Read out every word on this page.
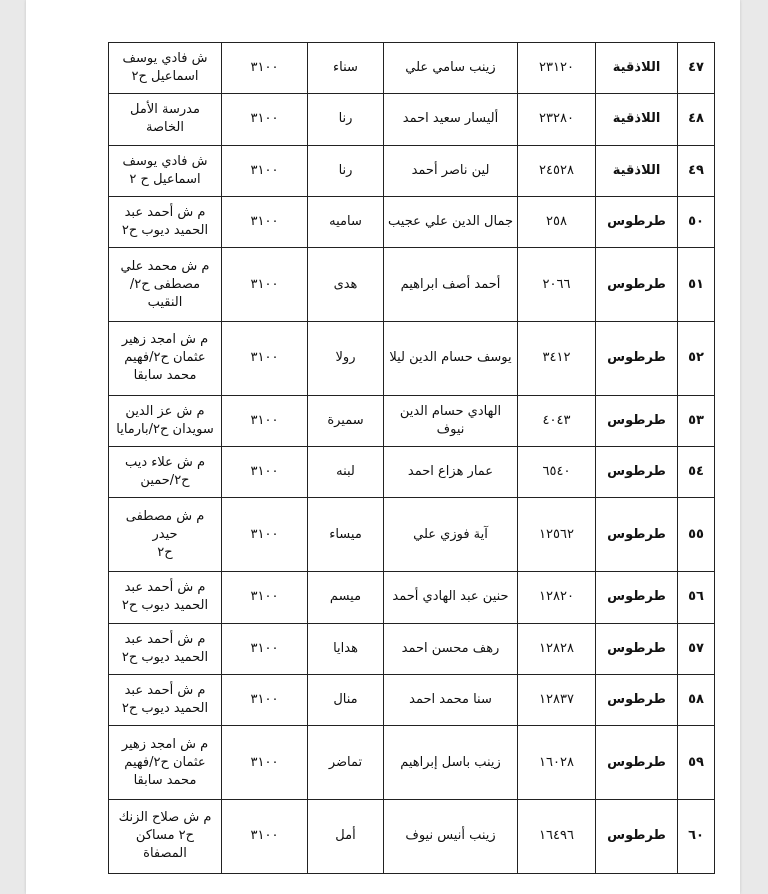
٤٧	اللاذقية	٢٣١٢٠	زينب سامي علي	سناء	٣١٠٠	ش فادي يوسف
اسماعيل ح٢
٤٨	اللاذقية	٢٣٢٨٠	أليسار سعيد احمد	رنا	٣١٠٠	مدرسة الأمل
الخاصة
٤٩	اللاذقية	٢٤٥٢٨	لين ناصر أحمد	رنا	٣١٠٠	ش فادي يوسف
اسماعيل ح ٢
٥٠	طرطوس	٢٥٨	جمال الدين علي عجيب	ساميه	٣١٠٠	م ش أحمد عبد
الحميد ديوب ح٢
٥١	طرطوس	٢٠٦٦	أحمد أصف ابراهيم	هدى	٣١٠٠	م ش محمد علي
مصطفى ح٢/النقيب
٥٢	طرطوس	٣٤١٢	يوسف حسام الدين ليلا	رولا	٣١٠٠	م ش امجد زهير
عثمان ح٢/فهيم
محمد سابقا
٥٣	طرطوس	٤٠٤٣	الهادي حسام الدين نيوف	سميرة	٣١٠٠	م ش عز الدين
سويدان ح٢/بارمايا
٥٤	طرطوس	٦٥٤٠	عمار هزاع احمد	لبنه	٣١٠٠	م ش علاء ديب
ح٢/حمين
٥٥	طرطوس	١٢٥٦٢	آية فوزي علي	ميساء	٣١٠٠	م ش مصطفى حيدر
ح٢
٥٦	طرطوس	١٢٨٢٠	حنين عبد الهادي أحمد	ميسم	٣١٠٠	م ش أحمد عبد
الحميد ديوب ح٢
٥٧	طرطوس	١٢٨٢٨	رهف محسن احمد	هدايا	٣١٠٠	م ش أحمد عبد
الحميد ديوب ح٢
٥٨	طرطوس	١٢٨٣٧	سنا محمد احمد	منال	٣١٠٠	م ش أحمد عبد
الحميد ديوب ح٢
٥٩	طرطوس	١٦٠٢٨	زينب باسل إبراهيم	تماضر	٣١٠٠	م ش امجد زهير
عثمان ح٢/فهيم
محمد سابقا
٦٠	طرطوس	١٦٤٩٦	زينب أنيس نيوف	أمل	٣١٠٠	م ش صلاح الزنك
ح٢ مساكن المصفاة
